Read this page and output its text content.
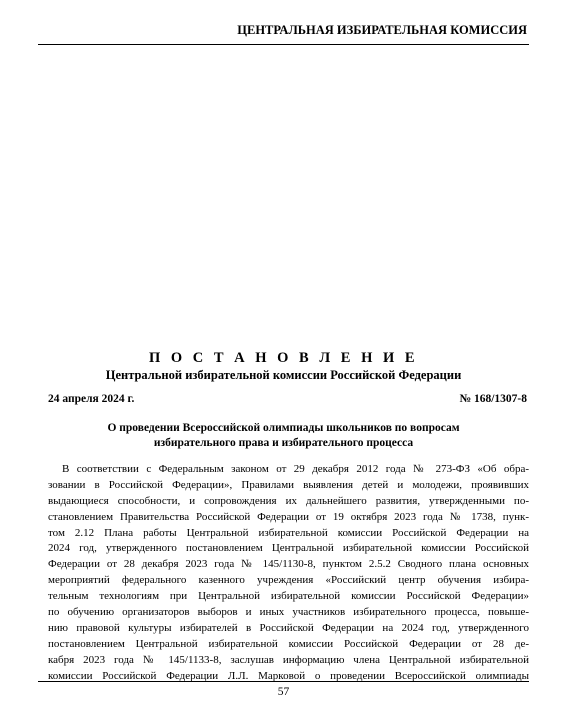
ЦЕНТРАЛЬНАЯ ИЗБИРАТЕЛЬНАЯ КОМИССИЯ
П О С Т А Н О В Л Е Н И Е
Центральной избирательной комиссии Российской Федерации
24 апреля 2024 г.	№ 168/1307-8
О проведении Всероссийской олимпиады школьников по вопросам
избирательного права и избирательного процесса
В соответствии с Федеральным законом от 29 декабря 2012 года № 273-ФЗ «Об обра-
зовании в Российской Федерации», Правилами выявления детей и молодежи, проявивших
выдающиеся способности, и сопровождения их дальнейшего развития, утвержденными по-
становлением Правительства Российской Федерации от 19 октября 2023 года № 1738, пунк-
том 2.12 Плана работы Центральной избирательной комиссии Российской Федерации на
2024 год, утвержденного постановлением Центральной избирательной комиссии Российской
Федерации от 28 декабря 2023 года № 145/1130-8, пунктом 2.5.2 Сводного плана основных
мероприятий федерального казенного учреждения «Российский центр обучения избира-
тельным технологиям при Центральной избирательной комиссии Российской Федерации»
по обучению организаторов выборов и иных участников избирательного процесса, повыше-
нию правовой культуры избирателей в Российской Федерации на 2024 год, утвержденного
постановлением Центральной избирательной комиссии Российской Федерации от 28 де-
кабря 2023 года № 145/1133-8, заслушав информацию члена Центральной избирательной
комиссии Российской Федерации Л.Л. Марковой о проведении Всероссийской олимпиады
57
